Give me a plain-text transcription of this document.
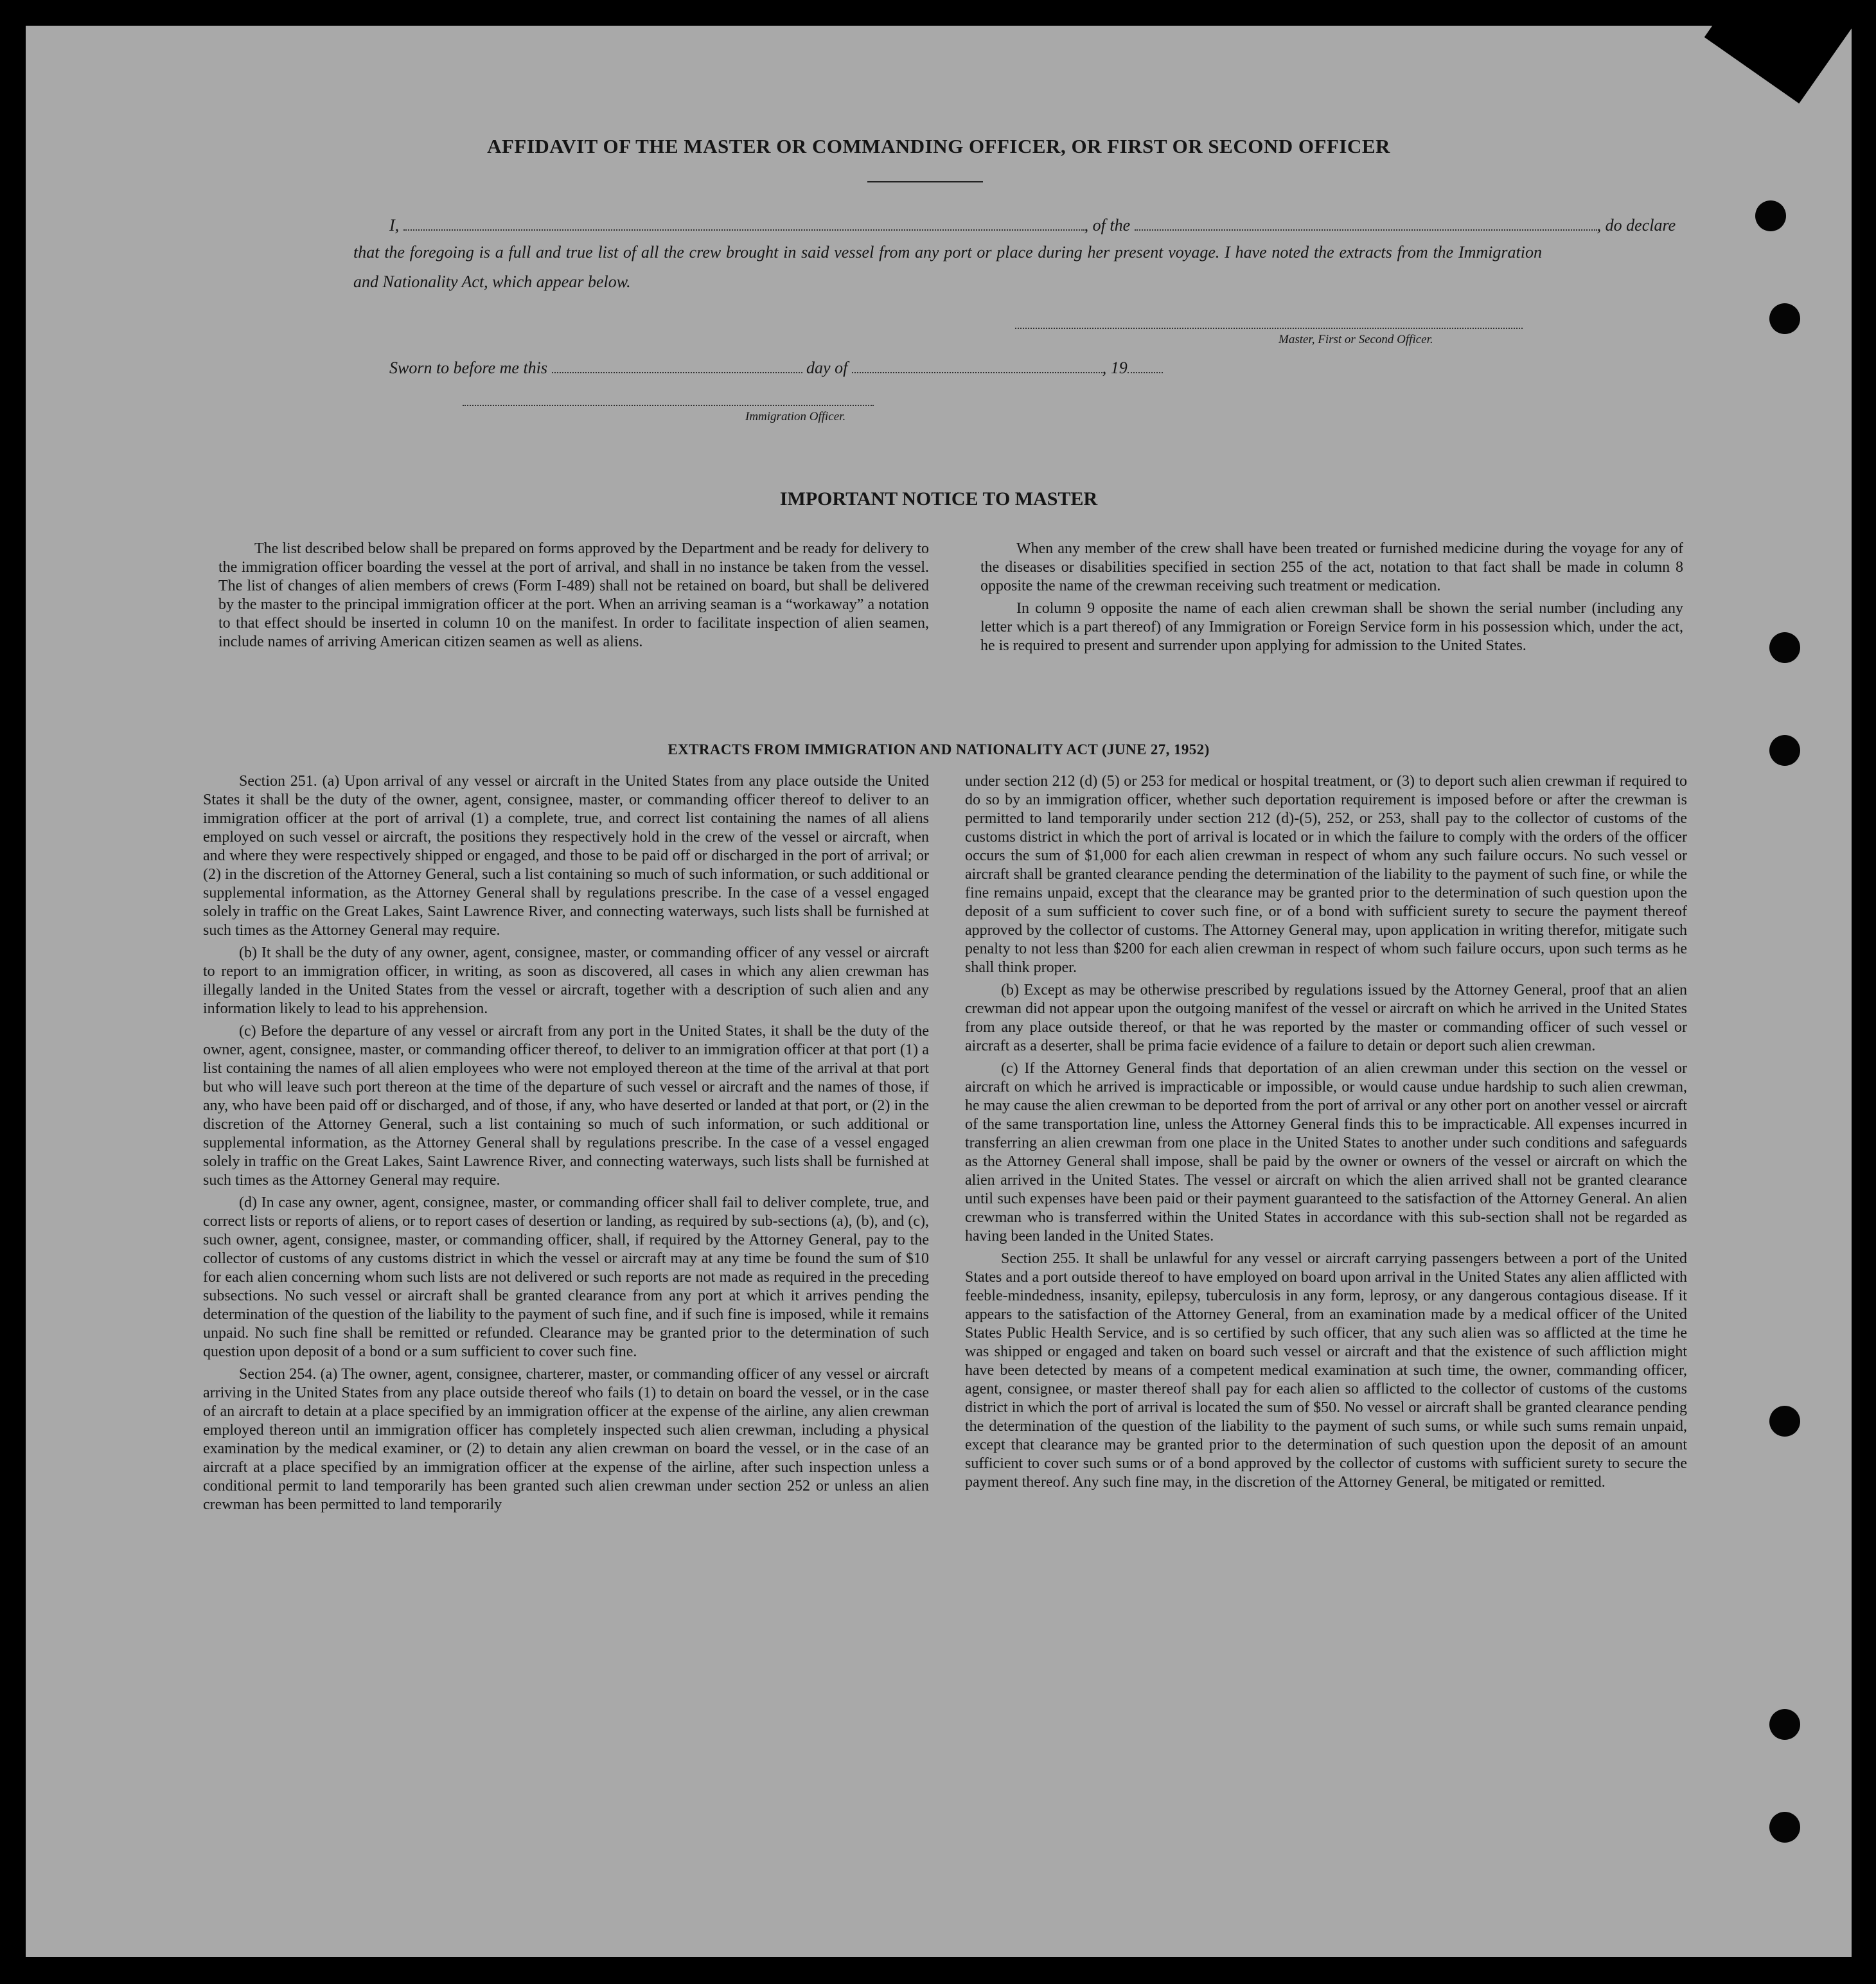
AFFIDAVIT OF THE MASTER OR COMMANDING OFFICER, OR FIRST OR SECOND OFFICER
I,	, of the	, do declare
that the foregoing is a full and true list of all the crew brought in said vessel from any port or place during her present voyage. I have noted the extracts from the Immigration and Nationality Act, which appear below.
Master, First or Second Officer.
Sworn to before me this	day of	, 19
Immigration Officer.
IMPORTANT NOTICE TO MASTER

The list described below shall be prepared on forms approved by the Department and be ready for delivery to the immigration officer boarding the vessel at the port of arrival, and shall in no instance be taken from the vessel. The list of changes of alien members of crews (Form I-489) shall not be retained on board, but shall be delivered by the master to the principal immigration officer at the port. When an arriving seaman is a “workaway” a notation to that effect should be inserted in column 10 on the manifest. In order to facilitate inspection of alien seamen, include names of arriving American citizen seamen as well as aliens.

When any member of the crew shall have been treated or furnished medicine during the voyage for any of the diseases or disabilities specified in section 255 of the act, notation to that fact shall be made in column 8 opposite the name of the crewman receiving such treatment or medication.

In column 9 opposite the name of each alien crewman shall be shown the serial number (including any letter which is a part thereof) of any Immigration or Foreign Service form in his possession which, under the act, he is required to present and surrender upon applying for admission to the United States.

EXTRACTS FROM IMMIGRATION AND NATIONALITY ACT (JUNE 27, 1952)

Section 251. (a) Upon arrival of any vessel or aircraft in the United States from any place outside the United States it shall be the duty of the owner, agent, consignee, master, or commanding officer thereof to deliver to an immigration officer at the port of arrival (1) a complete, true, and correct list containing the names of all aliens employed on such vessel or aircraft, the positions they respectively hold in the crew of the vessel or aircraft, when and where they were respectively shipped or engaged, and those to be paid off or discharged in the port of arrival; or (2) in the discretion of the Attorney General, such a list containing so much of such information, or such additional or supplemental information, as the Attorney General shall by regulations prescribe. In the case of a vessel engaged solely in traffic on the Great Lakes, Saint Lawrence River, and connecting waterways, such lists shall be furnished at such times as the Attorney General may require.

(b) It shall be the duty of any owner, agent, consignee, master, or commanding officer of any vessel or aircraft to report to an immigration officer, in writing, as soon as discovered, all cases in which any alien crewman has illegally landed in the United States from the vessel or aircraft, together with a description of such alien and any information likely to lead to his apprehension.

(c) Before the departure of any vessel or aircraft from any port in the United States, it shall be the duty of the owner, agent, consignee, master, or commanding officer thereof, to deliver to an immigration officer at that port (1) a list containing the names of all alien employees who were not employed thereon at the time of the arrival at that port but who will leave such port thereon at the time of the departure of such vessel or aircraft and the names of those, if any, who have been paid off or discharged, and of those, if any, who have deserted or landed at that port, or (2) in the discretion of the Attorney General, such a list containing so much of such information, or such additional or supplemental information, as the Attorney General shall by regulations prescribe. In the case of a vessel engaged solely in traffic on the Great Lakes, Saint Lawrence River, and connecting waterways, such lists shall be furnished at such times as the Attorney General may require.

(d) In case any owner, agent, consignee, master, or commanding officer shall fail to deliver complete, true, and correct lists or reports of aliens, or to report cases of desertion or landing, as required by sub-sections (a), (b), and (c), such owner, agent, consignee, master, or commanding officer, shall, if required by the Attorney General, pay to the collector of customs of any customs district in which the vessel or aircraft may at any time be found the sum of $10 for each alien concerning whom such lists are not delivered or such reports are not made as required in the preceding subsections. No such vessel or aircraft shall be granted clearance from any port at which it arrives pending the determination of the question of the liability to the payment of such fine, and if such fine is imposed, while it remains unpaid. No such fine shall be remitted or refunded. Clearance may be granted prior to the determination of such question upon deposit of a bond or a sum sufficient to cover such fine.

Section 254. (a) The owner, agent, consignee, charterer, master, or commanding officer of any vessel or aircraft arriving in the United States from any place outside thereof who fails (1) to detain on board the vessel, or in the case of an aircraft to detain at a place specified by an immigration officer at the expense of the airline, any alien crewman employed thereon until an immigration officer has completely inspected such alien crewman, including a physical examination by the medical examiner, or (2) to detain any alien crewman on board the vessel, or in the case of an aircraft at a place specified by an immigration officer at the expense of the airline, after such inspection unless a conditional permit to land temporarily has been granted such alien crewman under section 252 or unless an alien crewman has been permitted to land temporarily

under section 212 (d) (5) or 253 for medical or hospital treatment, or (3) to deport such alien crewman if required to do so by an immigration officer, whether such deportation requirement is imposed before or after the crewman is permitted to land temporarily under section 212 (d)-(5), 252, or 253, shall pay to the collector of customs of the customs district in which the port of arrival is located or in which the failure to comply with the orders of the officer occurs the sum of $1,000 for each alien crewman in respect of whom any such failure occurs. No such vessel or aircraft shall be granted clearance pending the determination of the liability to the payment of such fine, or while the fine remains unpaid, except that the clearance may be granted prior to the determination of such question upon the deposit of a sum sufficient to cover such fine, or of a bond with sufficient surety to secure the payment thereof approved by the collector of customs. The Attorney General may, upon application in writing therefor, mitigate such penalty to not less than $200 for each alien crewman in respect of whom such failure occurs, upon such terms as he shall think proper.

(b) Except as may be otherwise prescribed by regulations issued by the Attorney General, proof that an alien crewman did not appear upon the outgoing manifest of the vessel or aircraft on which he arrived in the United States from any place outside thereof, or that he was reported by the master or commanding officer of such vessel or aircraft as a deserter, shall be prima facie evidence of a failure to detain or deport such alien crewman.

(c) If the Attorney General finds that deportation of an alien crewman under this section on the vessel or aircraft on which he arrived is impracticable or impossible, or would cause undue hardship to such alien crewman, he may cause the alien crewman to be deported from the port of arrival or any other port on another vessel or aircraft of the same transportation line, unless the Attorney General finds this to be impracticable. All expenses incurred in transferring an alien crewman from one place in the United States to another under such conditions and safeguards as the Attorney General shall impose, shall be paid by the owner or owners of the vessel or aircraft on which the alien arrived in the United States. The vessel or aircraft on which the alien arrived shall not be granted clearance until such expenses have been paid or their payment guaranteed to the satisfaction of the Attorney General. An alien crewman who is transferred within the United States in accordance with this sub-section shall not be regarded as having been landed in the United States.

Section 255. It shall be unlawful for any vessel or aircraft carrying passengers between a port of the United States and a port outside thereof to have employed on board upon arrival in the United States any alien afflicted with feeble-mindedness, insanity, epilepsy, tuberculosis in any form, leprosy, or any dangerous contagious disease. If it appears to the satisfaction of the Attorney General, from an examination made by a medical officer of the United States Public Health Service, and is so certified by such officer, that any such alien was so afflicted at the time he was shipped or engaged and taken on board such vessel or aircraft and that the existence of such affliction might have been detected by means of a competent medical examination at such time, the owner, commanding officer, agent, consignee, or master thereof shall pay for each alien so afflicted to the collector of customs of the customs district in which the port of arrival is located the sum of $50. No vessel or aircraft shall be granted clearance pending the determination of the question of the liability to the payment of such sums, or while such sums remain unpaid, except that clearance may be granted prior to the determination of such question upon the deposit of an amount sufficient to cover such sums or of a bond approved by the collector of customs with sufficient surety to secure the payment thereof. Any such fine may, in the discretion of the Attorney General, be mitigated or remitted.
